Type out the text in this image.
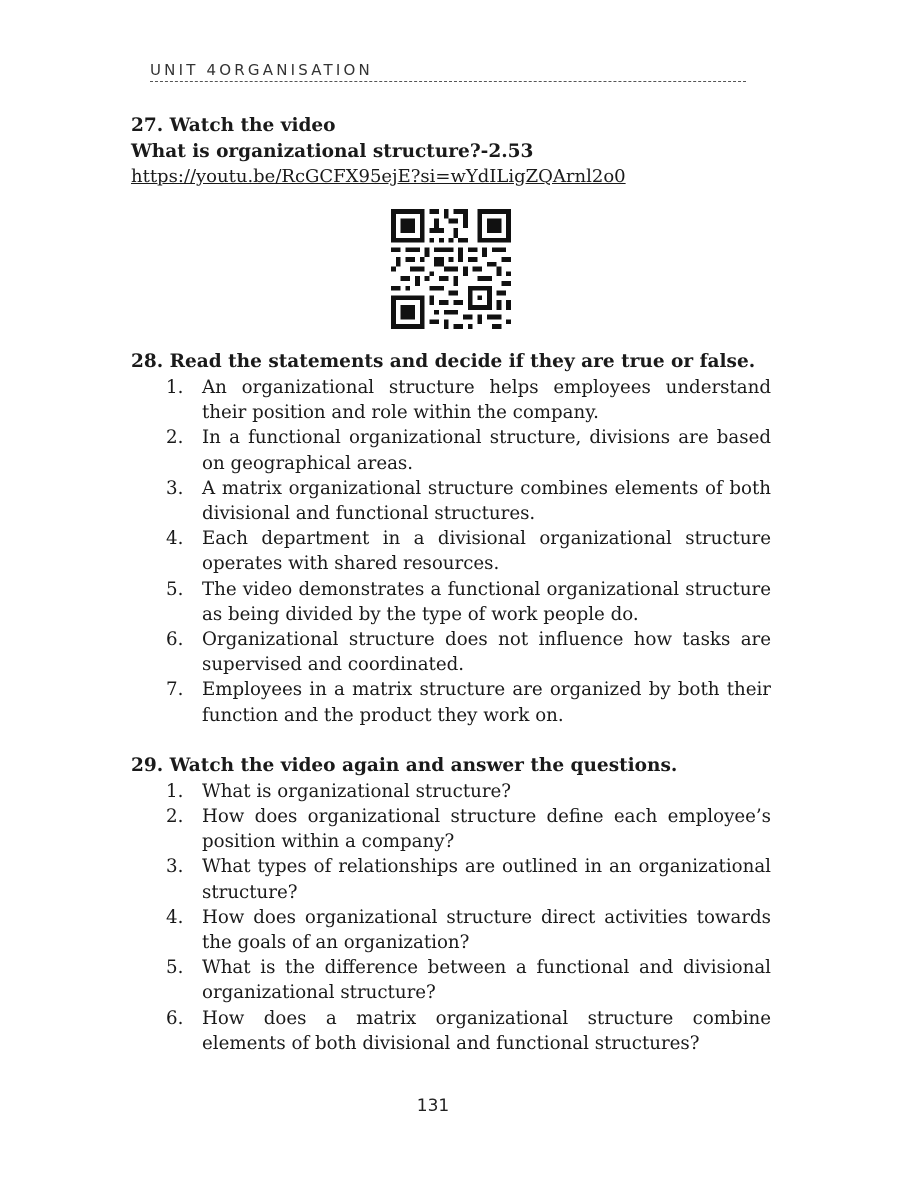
UNIT 4ORGANISATION

27. Watch the video

What is organizational structure?-2.53

https://youtu.be/RcGCFX95ejE?si=wYdILigZQArnl2o0

28. Read the statements and decide if they are true or false.

1. An organizational structure helps employees understand their position and role within the company.
2. In a functional organizational structure, divisions are based on geographical areas.
3. A matrix organizational structure combines elements of both divisional and functional structures.
4. Each department in a divisional organizational structure operates with shared resources.
5. The video demonstrates a functional organizational structure as being divided by the type of work people do.
6. Organizational structure does not influence how tasks are supervised and coordinated.
7. Employees in a matrix structure are organized by both their function and the product they work on.

29. Watch the video again and answer the questions.

1. What is organizational structure?
2. How does organizational structure define each employee’s position within a company?
3. What types of relationships are outlined in an organizational structure?
4. How does organizational structure direct activities towards the goals of an organization?
5. What is the difference between a functional and divisional organizational structure?
6. How does a matrix organizational structure combine elements of both divisional and functional structures?
131
